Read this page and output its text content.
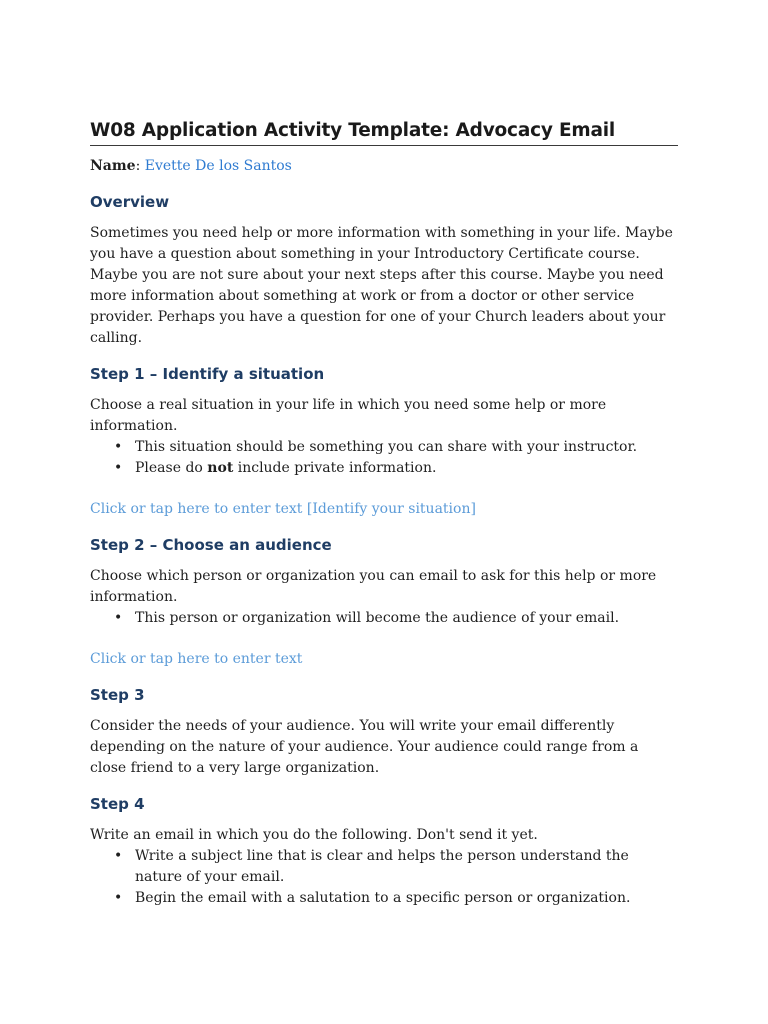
W08 Application Activity Template: Advocacy Email
Name: Evette De los Santos
Overview

Sometimes you need help or more information with something in your life. Maybe you have a question about something in your Introductory Certificate course. Maybe you are not sure about your next steps after this course. Maybe you need more information about something at work or from a doctor or other service provider. Perhaps you have a question for one of your Church leaders about your calling.

Step 1 – Identify a situation

Choose a real situation in your life in which you need some help or more information.

• This situation should be something you can share with your instructor.
• Please do not include private information.

Click or tap here to enter text [Identify your situation]

Step 2 – Choose an audience

Choose which person or organization you can email to ask for this help or more information.

• This person or organization will become the audience of your email.

Click or tap here to enter text

Step 3

Consider the needs of your audience. You will write your email differently depending on the nature of your audience. Your audience could range from a close friend to a very large organization.

Step 4

Write an email in which you do the following. Don't send it yet.

• Write a subject line that is clear and helps the person understand the nature of your email.
• Begin the email with a salutation to a specific person or organization.
